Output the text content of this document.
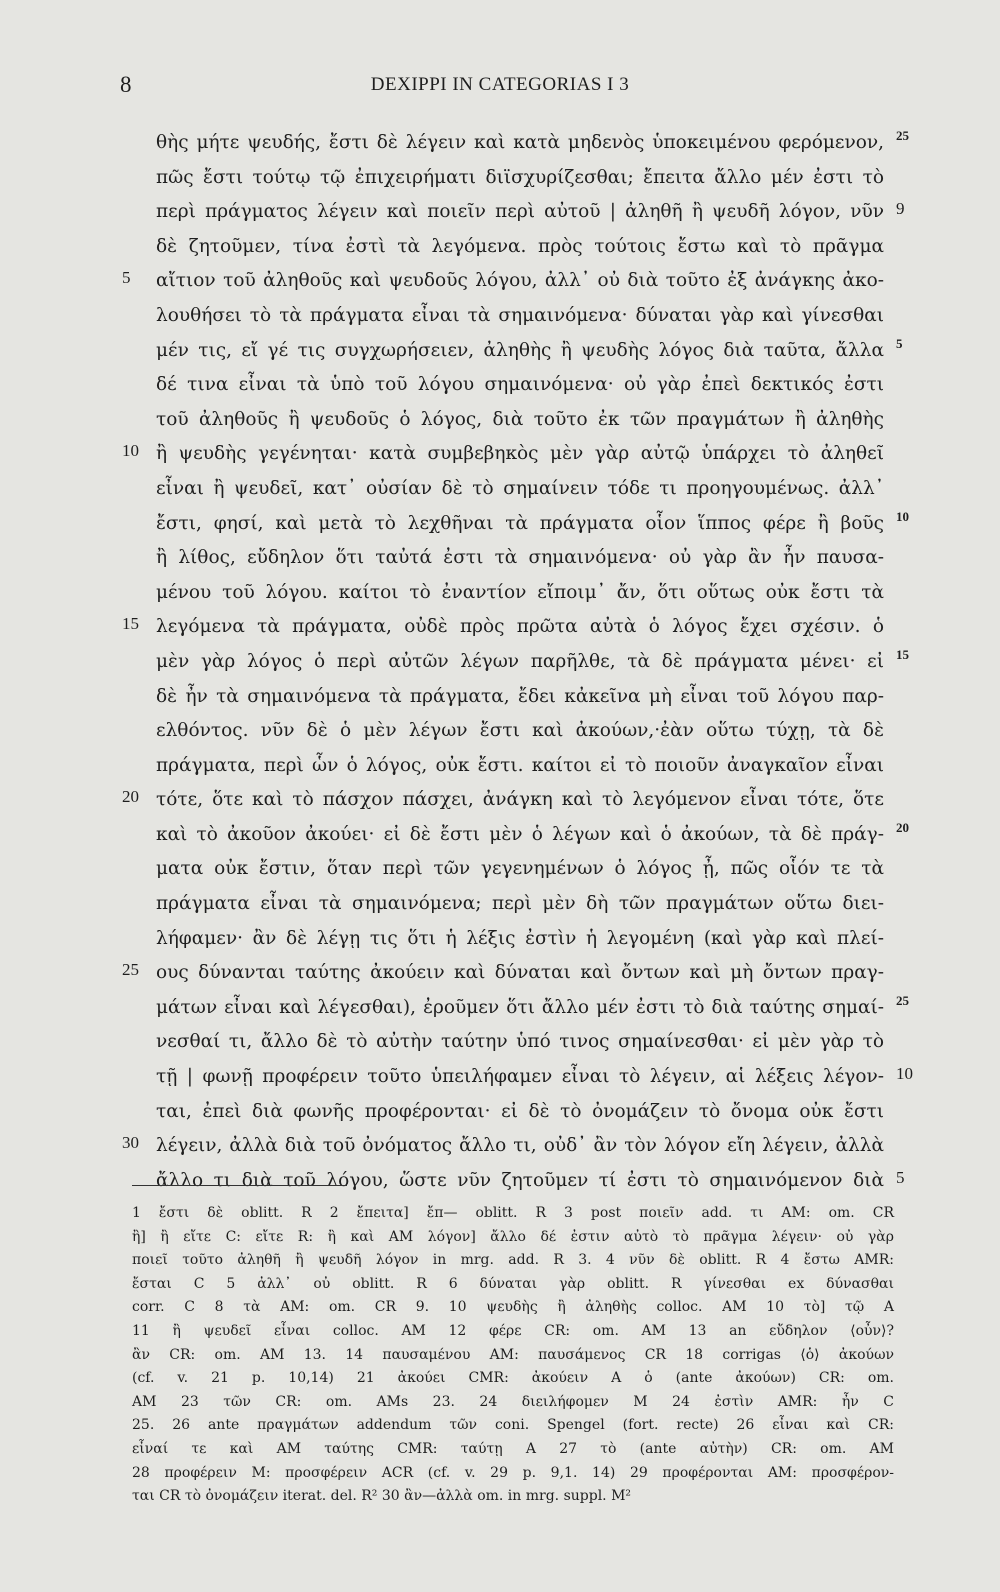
8	DEXIPPI IN CATEGORIAS I 3
θὴς μήτε ψευδής, ἔστι δὲ λέγειν καὶ κατὰ μηδενὸς ὑποκειμένου φερόμενον, 25
πῶς ἔστι τούτῳ τῷ ἐπιχειρήματι διϊσχυρίζεσθαι; ἔπειτα ἄλλο μέν ἐστι τὸ
περὶ πράγματος λέγειν καὶ ποιεῖν περὶ αὐτοῦ | ἀληθῆ ἢ ψευδῆ λόγον, νῦν 9
δὲ ζητοῦμεν, τίνα ἐστὶ τὰ λεγόμενα. πρὸς τούτοις ἔστω καὶ τὸ πρᾶγμα
5 αἴτιον τοῦ ἀληθοῦς καὶ ψευδοῦς λόγου, ἀλλ᾿ οὐ διὰ τοῦτο ἐξ ἀνάγκης ἀκο-
λουθήσει τὸ τὰ πράγματα εἶναι τὰ σημαινόμενα· δύναται γὰρ καὶ γίνεσθαι
μέν τις, εἴ γέ τις συγχωρήσειεν, ἀληθὴς ἢ ψευδὴς λόγος διὰ ταῦτα, ἄλλα 5
δέ τινα εἶναι τὰ ὑπὸ τοῦ λόγου σημαινόμενα· οὐ γὰρ ἐπεὶ δεκτικός ἐστι
τοῦ ἀληθοῦς ἢ ψευδοῦς ὁ λόγος, διὰ τοῦτο ἐκ τῶν πραγμάτων ἢ ἀληθὴς
10 ἢ ψευδὴς γεγένηται· κατὰ συμβεβηκὸς μὲν γὰρ αὐτῷ ὑπάρχει τὸ ἀληθεῖ
εἶναι ἢ ψευδεῖ, κατ᾿ οὐσίαν δὲ τὸ σημαίνειν τόδε τι προηγουμένως. ἀλλ᾿
ἔστι, φησί, καὶ μετὰ τὸ λεχθῆναι τὰ πράγματα οἷον ἵππος φέρε ἢ βοῦς 10
ἢ λίθος, εὔδηλον ὅτι ταὐτά ἐστι τὰ σημαινόμενα· οὐ γὰρ ἂν ἦν παυσα-
μένου τοῦ λόγου. καίτοι τὸ ἐναντίον εἴποιμ᾿ ἄν, ὅτι οὕτως οὐκ ἔστι τὰ
15 λεγόμενα τὰ πράγματα, οὐδὲ πρὸς πρῶτα αὐτὰ ὁ λόγος ἔχει σχέσιν. ὁ
μὲν γὰρ λόγος ὁ περὶ αὐτῶν λέγων παρῆλθε, τὰ δὲ πράγματα μένει· εἰ 15
δὲ ἦν τὰ σημαινόμενα τὰ πράγματα, ἔδει κἀκεῖνα μὴ εἶναι τοῦ λόγου παρ-
ελθόντος. νῦν δὲ ὁ μὲν λέγων ἔστι καὶ ἀκούων,·ἐὰν οὕτω τύχῃ, τὰ δὲ
πράγματα, περὶ ὧν ὁ λόγος, οὐκ ἔστι. καίτοι εἰ τὸ ποιοῦν ἀναγκαῖον εἶναι
20 τότε, ὅτε καὶ τὸ πάσχον πάσχει, ἀνάγκη καὶ τὸ λεγόμενον εἶναι τότε, ὅτε
καὶ τὸ ἀκοῦον ἀκούει· εἰ δὲ ἔστι μὲν ὁ λέγων καὶ ὁ ἀκούων, τὰ δὲ πράγ- 20
ματα οὐκ ἔστιν, ὅταν περὶ τῶν γεγενημένων ὁ λόγος ᾖ, πῶς οἷόν τε τὰ
πράγματα εἶναι τὰ σημαινόμενα; περὶ μὲν δὴ τῶν πραγμάτων οὕτω διει-
λήφαμεν· ἂν δὲ λέγῃ τις ὅτι ἡ λέξις ἐστὶν ἡ λεγομένη (καὶ γὰρ καὶ πλεί-
25 ους δύνανται ταύτης ἀκούειν καὶ δύναται καὶ ὄντων καὶ μὴ ὄντων πραγ-
μάτων εἶναι καὶ λέγεσθαι), ἐροῦμεν ὅτι ἄλλο μέν ἐστι τὸ διὰ ταύτης σημαί- 25
νεσθαί τι, ἄλλο δὲ τὸ αὐτὴν ταύτην ὑπό τινος σημαίνεσθαι· εἰ μὲν γὰρ τὸ
τῇ | φωνῇ προφέρειν τοῦτο ὑπειλήφαμεν εἶναι τὸ λέγειν, αἱ λέξεις λέγον- 10
ται, ἐπεὶ διὰ φωνῆς προφέρονται· εἰ δὲ τὸ ὀνομάζειν τὸ ὄνομα οὐκ ἔστι
30 λέγειν, ἀλλὰ διὰ τοῦ ὀνόματος ἄλλο τι, οὐδ᾿ ἂν τὸν λόγον εἴη λέγειν, ἀλλὰ
ἄλλο τι διὰ τοῦ λόγου, ὥστε νῦν ζητοῦμεν τί ἐστι τὸ σημαινόμενον διὰ 5
1 ἔστι δὲ oblitt. R 2 ἔπειτα] ἔπ— oblitt. R 3 post ποιεῖν add. τι AM: om. CR
ἢ] ἢ εἴτε C: εἴτε R: ἢ καὶ AM λόγον] ἄλλο δέ ἐστιν αὐτὸ τὸ πρᾶγμα λέγειν· οὐ γὰρ
ποιεῖ τοῦτο ἀληθῆ ἢ ψευδῆ λόγον in mrg. add. R 3. 4 νῦν δὲ oblitt. R 4 ἔστω AMR:
ἔσται C 5 ἀλλ᾿ οὐ oblitt. R 6 δύναται γὰρ oblitt. R γίνεσθαι ex δύνασθαι
corr. C 8 τὰ AM: om. CR 9. 10 ψευδὴς ἢ ἀληθὴς colloc. AM 10 τὸ] τῷ A
11 ἢ ψευδεῖ εἶναι colloc. AM 12 φέρε CR: om. AM 13 an εὔδηλον ⟨οὖν⟩?
ἂν CR: om. AM 13. 14 παυσαμένου AM: παυσάμενος CR 18 corrigas ⟨ὁ⟩ ἀκούων
(cf. v. 21 p. 10,14) 21 ἀκούει CMR: ἀκούειν A ὁ (ante ἀκούων) CR: om.
AM 23 τῶν CR: om. AMs 23. 24 διειλήφομεν M 24 ἐστὶν AMR: ἦν C
25. 26 ante πραγμάτων addendum τῶν coni. Spengel (fort. recte) 26 εἶναι καὶ CR:
εἶναί τε καὶ AM ταύτης CMR: ταύτῃ A 27 τὸ (ante αὐτὴν) CR: om. AM
28 προφέρειν M: προσφέρειν ACR (cf. v. 29 p. 9,1. 14) 29 προφέρονται AM: προσφέρον-
ται CR τὸ ὀνομάζειν iterat. del. R² 30 ἂν—ἀλλὰ om. in mrg. suppl. M²
